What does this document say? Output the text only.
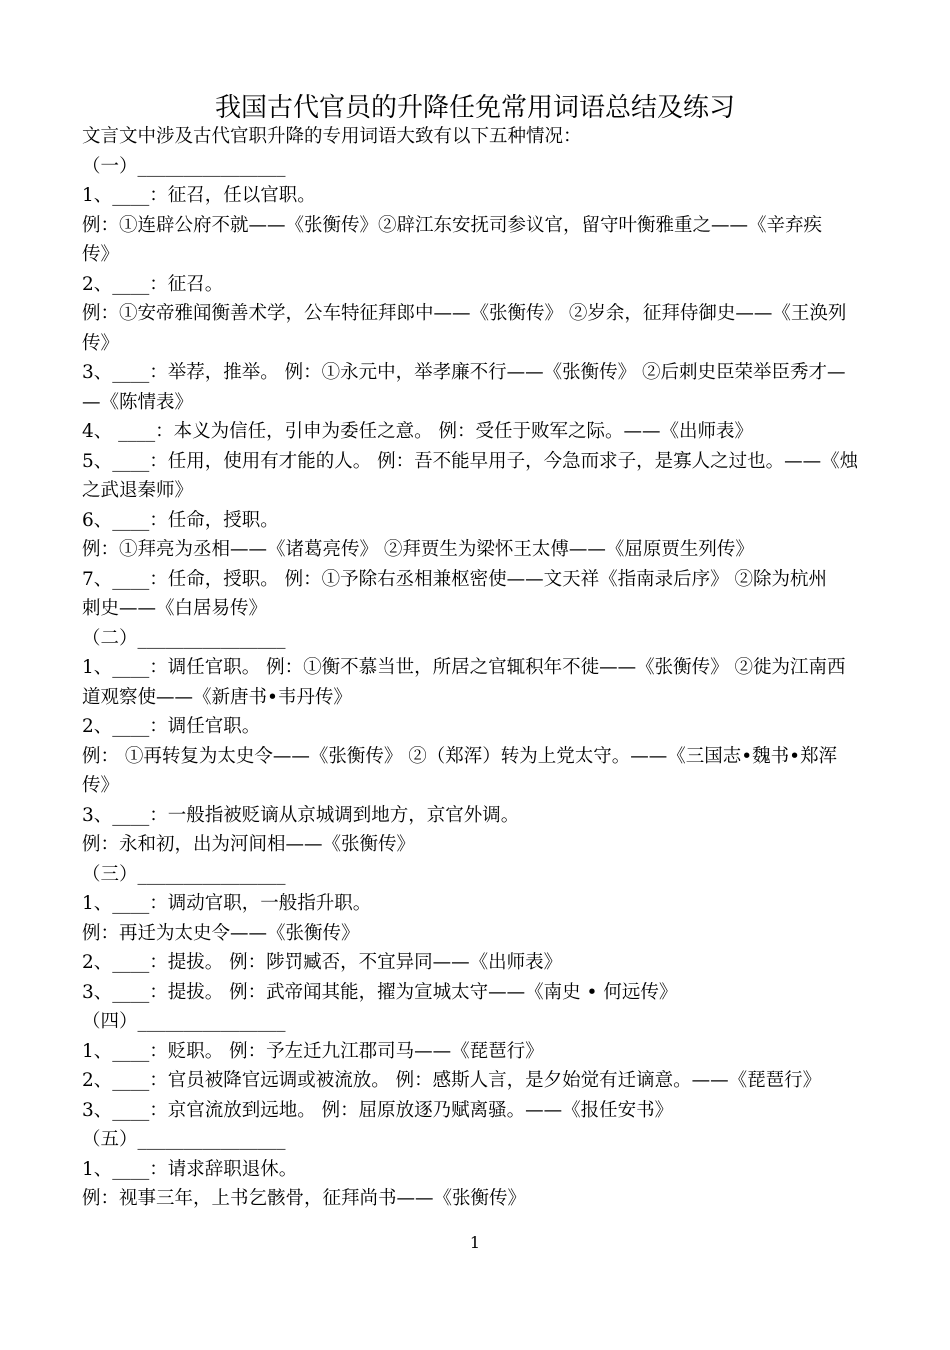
我国古代官员的升降任免常用词语总结及练习
文言文中涉及古代官职升降的专用词语大致有以下五种情况：
（一）________________
1、____：征召，任以官职。
例：①连辟公府不就——《张衡传》②辟江东安抚司参议官，留守叶衡雅重之——《辛弃疾
传》
2、____：征召。
例：①安帝雅闻衡善术学，公车特征拜郎中——《张衡传》 ②岁余，征拜侍御史——《王涣列
传》
3、____：举荐，推举。 例：①永元中，举孝廉不行——《张衡传》 ②后刺史臣荣举臣秀才—
—《陈情表》
4、 ____：本义为信任，引申为委任之意。 例：受任于败军之际。——《出师表》
5、____：任用，使用有才能的人。 例：吾不能早用子，今急而求子，是寡人之过也。——《烛
之武退秦师》
6、____：任命，授职。
例：①拜亮为丞相——《诸葛亮传》 ②拜贾生为梁怀王太傅——《屈原贾生列传》
7、____：任命，授职。 例：①予除右丞相兼枢密使——文天祥《指南录后序》 ②除为杭州
刺史——《白居易传》
（二）________________
1、____：调任官职。 例：①衡不慕当世，所居之官辄积年不徙——《张衡传》 ②徙为江南西
道观察使——《新唐书•韦丹传》
2、____：调任官职。
例： ①再转复为太史令——《张衡传》 ②（郑浑）转为上党太守。——《三国志•魏书•郑浑
传》
3、____：一般指被贬谪从京城调到地方，京官外调。
例：永和初，出为河间相——《张衡传》
（三）________________
1、____：调动官职，一般指升职。
例：再迁为太史令——《张衡传》
2、____：提拔。 例：陟罚臧否，不宜异同——《出师表》
3、____：提拔。 例：武帝闻其能，擢为宣城太守——《南史 • 何远传》
（四）________________
1、____：贬职。 例：予左迁九江郡司马——《琵琶行》
2、____：官员被降官远调或被流放。 例：感斯人言，是夕始觉有迁谪意。——《琵琶行》
3、____：京官流放到远地。 例：屈原放逐乃赋离骚。——《报任安书》
（五）________________
1、____：请求辞职退休。
例：视事三年，上书乞骸骨，征拜尚书——《张衡传》
1
